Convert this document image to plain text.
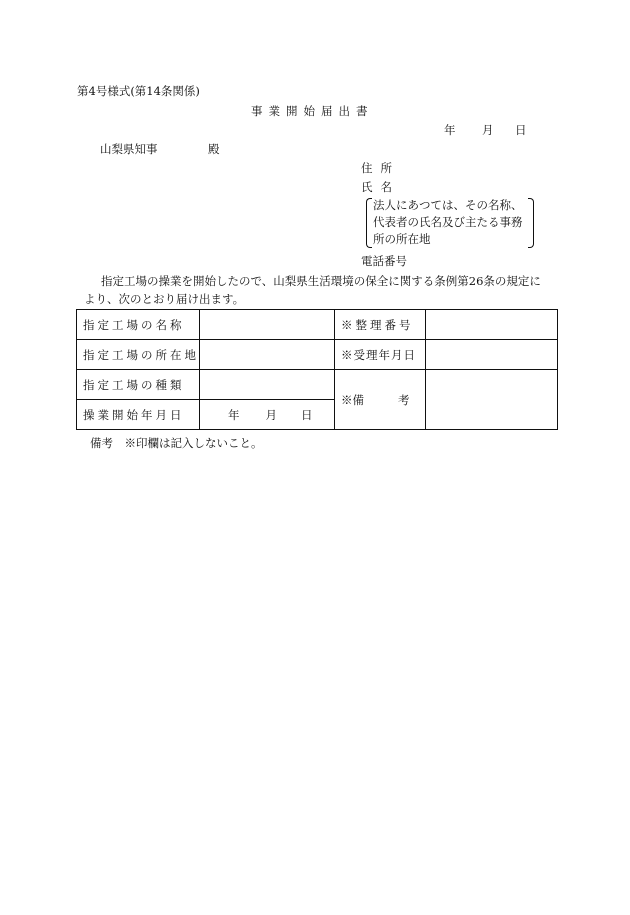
第4号様式(第14条関係)
事業開始届出書
年 月 日
山梨県知事	殿
住所
氏名
法人にあつては、その名称、
代表者の氏名及び主たる事務
所の所在地
電話番号
指定工場の操業を開始したので、山梨県生活環境の保全に関する条例第26条の規定に
より、次のとおり届け出ます。
指定工場の名称		※整理番号	
指定工場の所在地		※受理年月日	
指定工場の種類		※備 考	
操業開始年月日	年 月 日		
備考　※印欄は記入しないこと。
